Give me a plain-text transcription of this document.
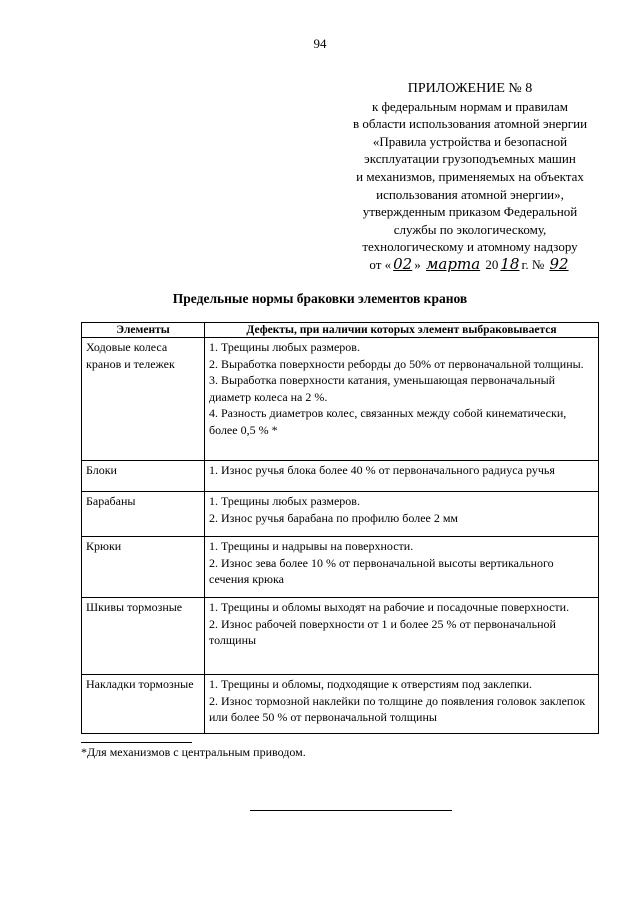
94
ПРИЛОЖЕНИЕ № 8
к федеральным нормам и правилам
в области использования атомной энергии
«Правила устройства и безопасной
эксплуатации грузоподъемных машин
и механизмов, применяемых на объектах
использования атомной энергии»,
утвержденным приказом Федеральной
службы по экологическому,
технологическому и атомному надзору
от « 02 » марта 20 18 г. № 92
Предельные нормы браковки элементов кранов
Элементы	Дефекты, при наличии которых элемент выбраковывается
Ходовые колеса кранов и тележек	1. Трещины любых размеров.
2. Выработка поверхности реборды до 50% от первоначальной толщины.
3. Выработка поверхности катания, уменьшающая первоначальный диаметр колеса на 2 %.
4. Разность диаметров колес, связанных между собой кинематически, более 0,5 % *

Блоки	1. Износ ручья блока более 40 % от первоначального радиуса ручья

Барабаны	1. Трещины любых размеров.
2. Износ ручья барабана по профилю более 2 мм

Крюки	1. Трещины и надрывы на поверхности.
2. Износ зева более 10 % от первоначальной высоты вертикального сечения крюка

Шкивы тормозные	1. Трещины и обломы выходят на рабочие и посадочные поверхности.
2. Износ рабочей поверхности от 1 и более 25 % от первоначальной толщины

Накладки тормозные	1. Трещины и обломы, подходящие к отверстиям под заклепки.
2. Износ тормозной наклейки по толщине до появления головок заклепок или более 50 % от первоначальной толщины
*Для механизмов с центральным приводом.
